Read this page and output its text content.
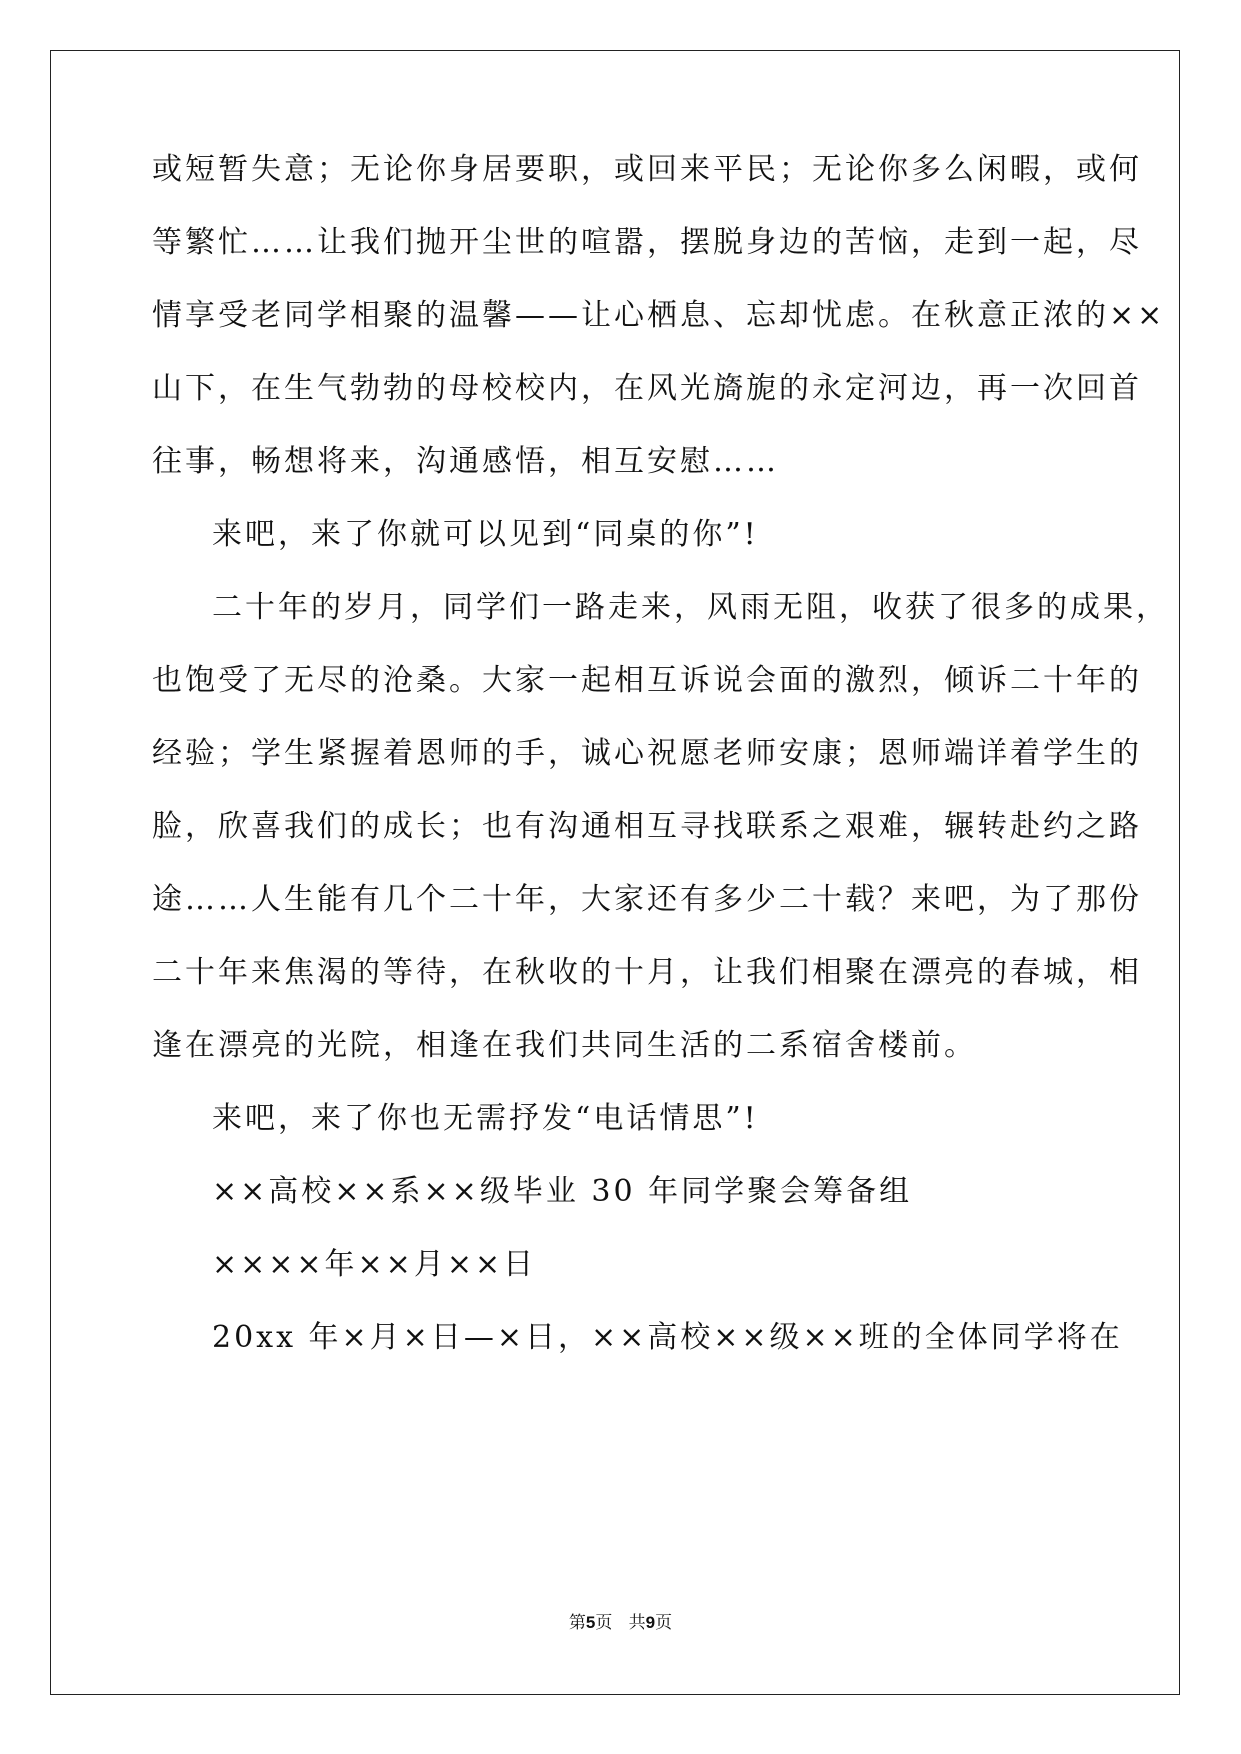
或短暂失意；无论你身居要职，或回来平民；无论你多么闲暇，或何
等繁忙……让我们抛开尘世的喧嚣，摆脱身边的苦恼，走到一起，尽
情享受老同学相聚的温馨——让心栖息、忘却忧虑。在秋意正浓的××
山下，在生气勃勃的母校校内，在风光旖旎的永定河边，再一次回首
往事，畅想将来，沟通感悟，相互安慰……
来吧，来了你就可以见到“同桌的你”!
二十年的岁月，同学们一路走来，风雨无阻，收获了很多的成果，
也饱受了无尽的沧桑。大家一起相互诉说会面的激烈，倾诉二十年的
经验；学生紧握着恩师的手，诚心祝愿老师安康；恩师端详着学生的
脸，欣喜我们的成长；也有沟通相互寻找联系之艰难，辗转赴约之路
途……人生能有几个二十年，大家还有多少二十载？来吧，为了那份
二十年来焦渴的等待，在秋收的十月，让我们相聚在漂亮的春城，相
逢在漂亮的光院，相逢在我们共同生活的二系宿舍楼前。
来吧，来了你也无需抒发“电话情思”!
××高校××系××级毕业 30 年同学聚会筹备组
××××年××月××日
20xx 年×月×日—×日，××高校××级××班的全体同学将在
第5页   共9页
